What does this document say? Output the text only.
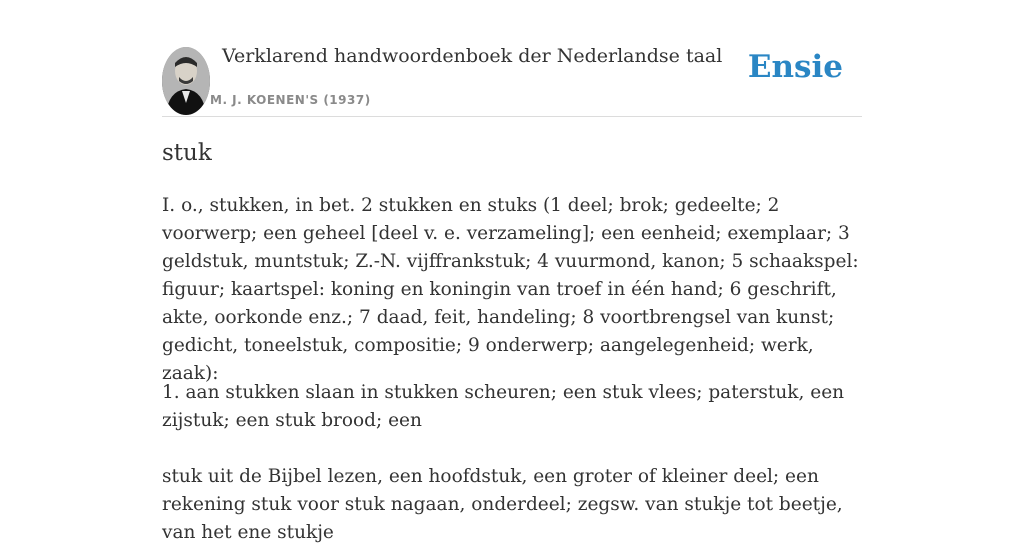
Verklarend handwoordenboek der Nederlandse taal
M. J. KOENEN'S (1937)
Ensie
stuk

I. o., stukken, in bet. 2 stukken en stuks (1 deel; brok; gedeelte; 2 voorwerp; een geheel [deel v. e. verzameling]; een eenheid; exemplaar; 3 geldstuk, muntstuk; Z.-N. vijffrankstuk; 4 vuurmond, kanon; 5 schaakspel: figuur; kaartspel: koning en koningin van troef in één hand; 6 geschrift, akte, oorkonde enz.; 7 daad, feit, handeling; 8 voortbrengsel van kunst; gedicht, toneelstuk, compositie; 9 onderwerp; aangelegenheid; werk, zaak):

1. aan stukken slaan in stukken scheuren; een stuk vlees; paterstuk, een zijstuk; een stuk brood; een

stuk uit de Bijbel lezen, een hoofdstuk, een groter of kleiner deel; een rekening stuk voor stuk nagaan, onderdeel; zegsw. van stukje tot beetje, van het ene stukje
